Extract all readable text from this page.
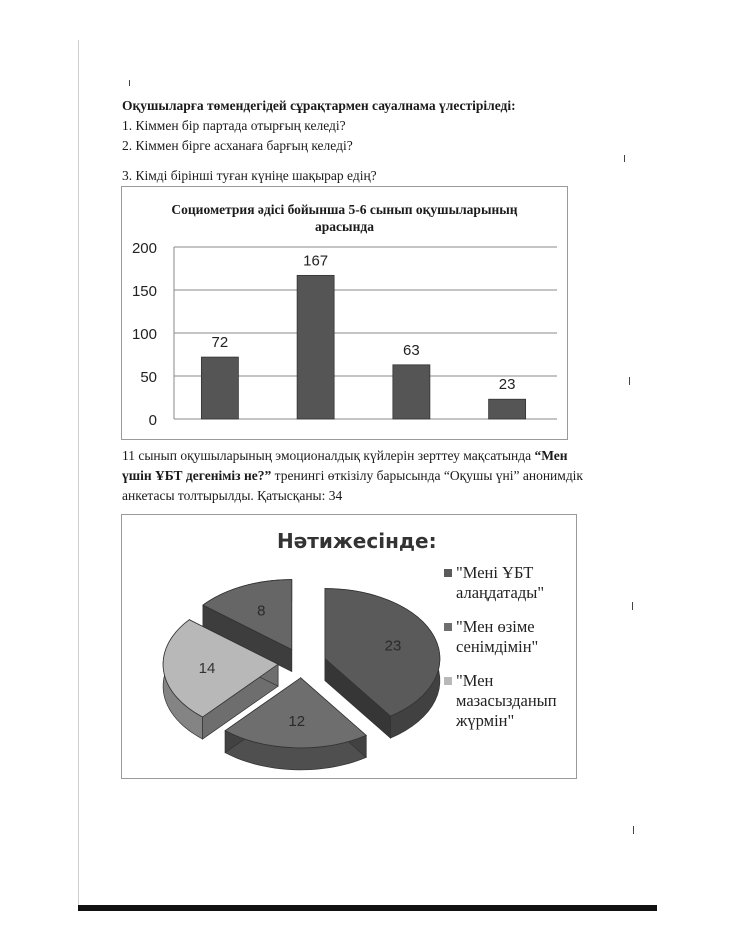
Оқушыларға төмендегідей сұрақтармен сауалнама үлестіріледі:
1. Кіммен бір партада отырғың келеді?
2. Кіммен бірге асханаға барғың келеді?
3. Кімді бірінші туған күніңе шақырар едің?
Социометрия әдісі бойынша 5-6 сынып оқушыларының
арасында
0
50
100
150
200
72
167
63
23
11 сынып оқушыларының эмоционалдық күйлерін зерттеу мақсатында “Мен үшін ҰБТ дегеніміз не?” тренингі өткізілу барысында “Оқушы үні” анонимдік анкетасы толтырылды. Қатысқаны: 34
Нәтижесінде:
8
23
14
12
"Мені ҰБТ алаңдатады"
"Мен өзіме сенімдімін"
"Мен мазасызданып жүрмін"
